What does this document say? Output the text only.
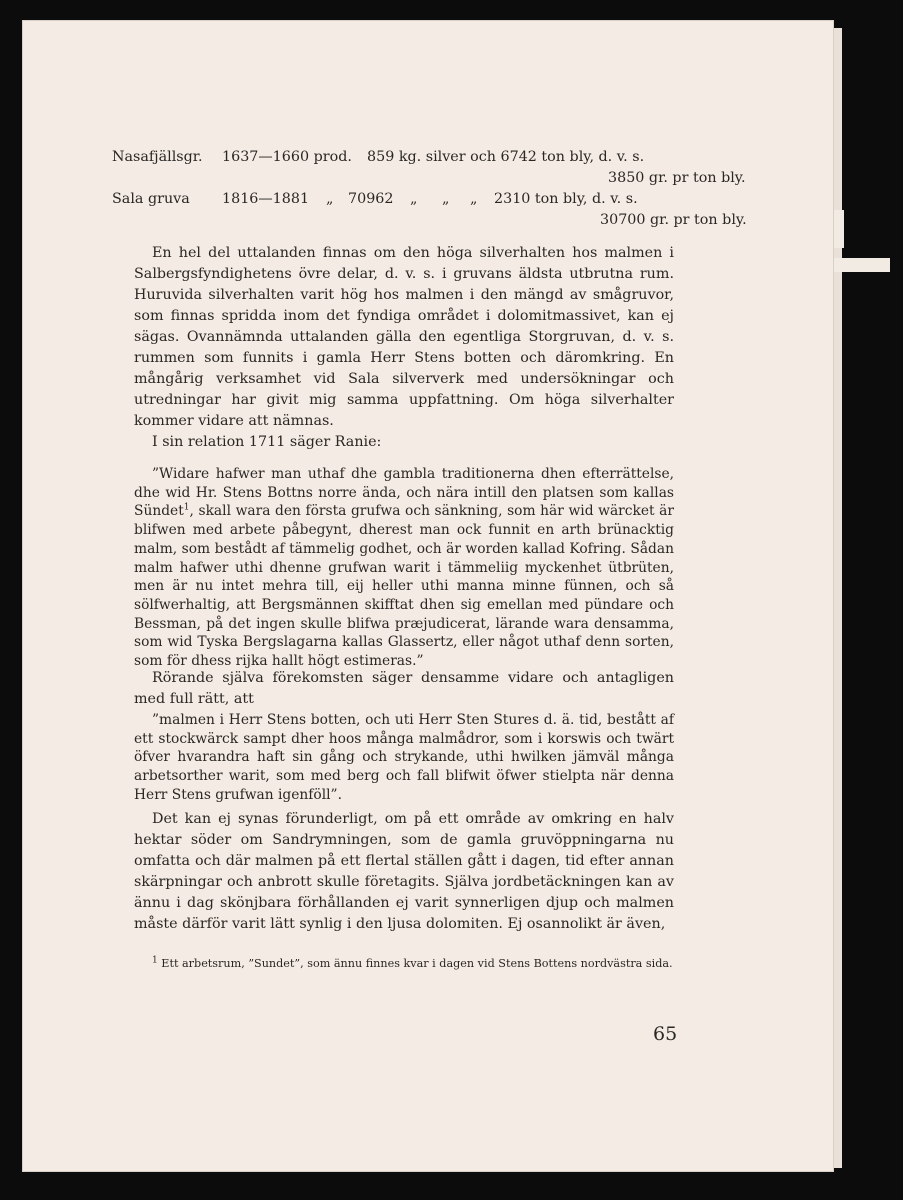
Nasafjällsgr. 1637—1660 prod. 859 kg. silver och 6742 ton bly, d. v. s.
3850 gr. pr ton bly.
Sala gruva 1816—1881 „ 70962 „ „ „ 2310 ton bly, d. v. s.
30700 gr. pr ton bly.
En hel del uttalanden finnas om den höga silverhalten hos malmen i Salbergsfyndighetens övre delar, d. v. s. i gruvans äldsta utbrutna rum. Huruvida silverhalten varit hög hos malmen i den mängd av smågruvor, som finnas spridda inom det fyndiga området i dolomitmassivet, kan ej sägas. Ovannämnda uttalanden gälla den egentliga Storgruvan, d. v. s. rummen som funnits i gamla Herr Stens botten och däromkring. En mångårig verksamhet vid Sala silververk med undersökningar och utredningar har givit mig samma uppfattning. Om höga silverhalter kommer vidare att nämnas.
I sin relation 1711 säger Ranie:
”Widare hafwer man uthaf dhe gambla traditionerna dhen efterrättelse, dhe wid Hr. Stens Bottns norre ända, och nära intill den platsen som kallas Sündet$^1$, skall wara den första grufwa och sänkning, som här wid wärcket är blifwen med arbete påbegynt, dherest man ock funnit en arth brünacktig malm, som bestådt af tämmelig godhet, och är worden kallad Kofring. Sådan malm hafwer uthi dhenne grufwan warit i tämmeliig myckenhet ütbrüten, men är nu intet mehra till, eij heller uthi manna minne fünnen, och så sölfwerhaltig, att Bergsmännen skifftat dhen sig emellan med pündare och Bessman, på det ingen skulle blifwa præjudicerat, lärande wara densamma, som wid Tyska Bergslagarna kallas Glassertz, eller något uthaf denn sorten, som för dhess rijka hallt högt estimeras.”
Rörande själva förekomsten säger densamme vidare och antagligen med full rätt, att
”malmen i Herr Stens botten, och uti Herr Sten Stures d. ä. tid, bestått af ett stockwärck sampt dher hoos många malmådror, som i korswis och twärt öfver hvarandra haft sin gång och strykande, uthi hwilken jämväl många arbetsorther warit, som med berg och fall blifwit öfwer stielpta när denna Herr Stens grufwan igenföll”.
Det kan ej synas förunderligt, om på ett område av omkring en halv hektar söder om Sandrymningen, som de gamla gruvöppningarna nu omfatta och där malmen på ett flertal ställen gått i dagen, tid efter annan skärpningar och anbrott skulle företagits. Själva jordbetäckningen kan av ännu i dag skönjbara förhållanden ej varit synnerligen djup och malmen måste därför varit lätt synlig i den ljusa dolomiten. Ej osannolikt är även,
$^1$ Ett arbetsrum, ”Sundet”, som ännu finnes kvar i dagen vid Stens Bottens nordvästra sida.
65
